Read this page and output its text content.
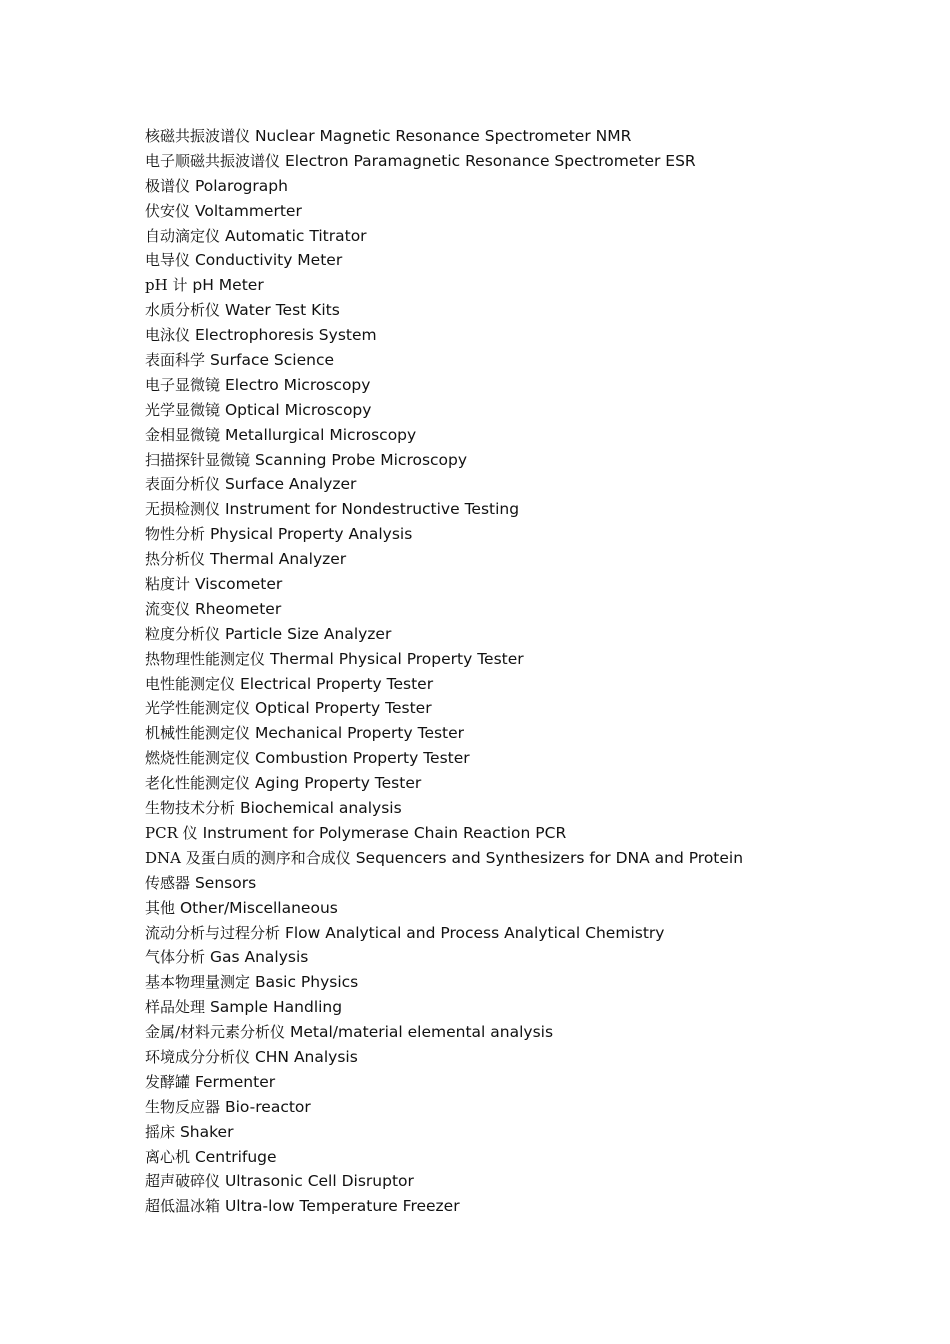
核磁共振波谱仪 Nuclear Magnetic Resonance Spectrometer NMR
电子顺磁共振波谱仪 Electron Paramagnetic Resonance Spectrometer ESR
极谱仪 Polarograph
伏安仪 Voltammerter
自动滴定仪 Automatic Titrator
电导仪 Conductivity Meter
pH 计 pH Meter
水质分析仪 Water Test Kits
电泳仪 Electrophoresis System
表面科学 Surface Science
电子显微镜 Electro Microscopy
光学显微镜 Optical Microscopy
金相显微镜 Metallurgical Microscopy
扫描探针显微镜 Scanning Probe Microscopy
表面分析仪 Surface Analyzer
无损检测仪 Instrument for Nondestructive Testing
物性分析 Physical Property Analysis
热分析仪 Thermal Analyzer
粘度计 Viscometer
流变仪 Rheometer
粒度分析仪 Particle Size Analyzer
热物理性能测定仪 Thermal Physical Property Tester
电性能测定仪 Electrical Property Tester
光学性能测定仪 Optical Property Tester
机械性能测定仪 Mechanical Property Tester
燃烧性能测定仪 Combustion Property Tester
老化性能测定仪 Aging Property Tester
生物技术分析 Biochemical analysis
PCR 仪 Instrument for Polymerase Chain Reaction PCR
DNA 及蛋白质的测序和合成仪 Sequencers and Synthesizers for DNA and Protein
传感器 Sensors
其他 Other/Miscellaneous
流动分析与过程分析 Flow Analytical and Process Analytical Chemistry
气体分析 Gas Analysis
基本物理量测定 Basic Physics
样品处理 Sample Handling
金属/材料元素分析仪 Metal/material elemental analysis
环境成分分析仪 CHN Analysis
发酵罐 Fermenter
生物反应器 Bio-reactor
摇床 Shaker
离心机 Centrifuge
超声破碎仪 Ultrasonic Cell Disruptor
超低温冰箱 Ultra-low Temperature Freezer
